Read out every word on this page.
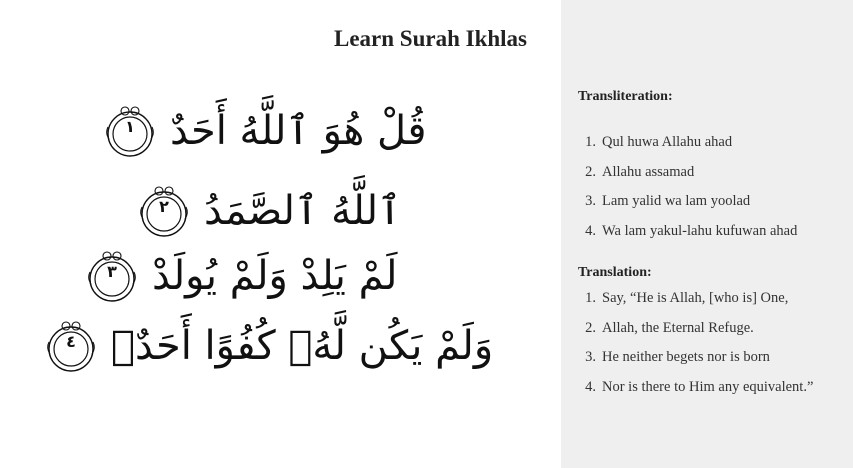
Learn Surah Ikhlas
١ قُلْ هُوَ ٱللَّهُ أَحَدٌ
٢ ٱللَّهُ ٱلصَّمَدُ
٣ لَمْ يَلِدْ وَلَمْ يُولَدْ
٤ وَلَمْ يَكُن لَّهُۥ كُفُوًا أَحَدٌۢ
Transliteration:
1. Qul huwa Allahu ahad
2. Allahu assamad
3. Lam yalid wa lam yoolad
4. Wa lam yakul-lahu kufuwan ahad
Translation:
1. Say, “He is Allah, [who is] One,
2. Allah, the Eternal Refuge.
3. He neither begets nor is born
4. Nor is there to Him any equivalent.”
